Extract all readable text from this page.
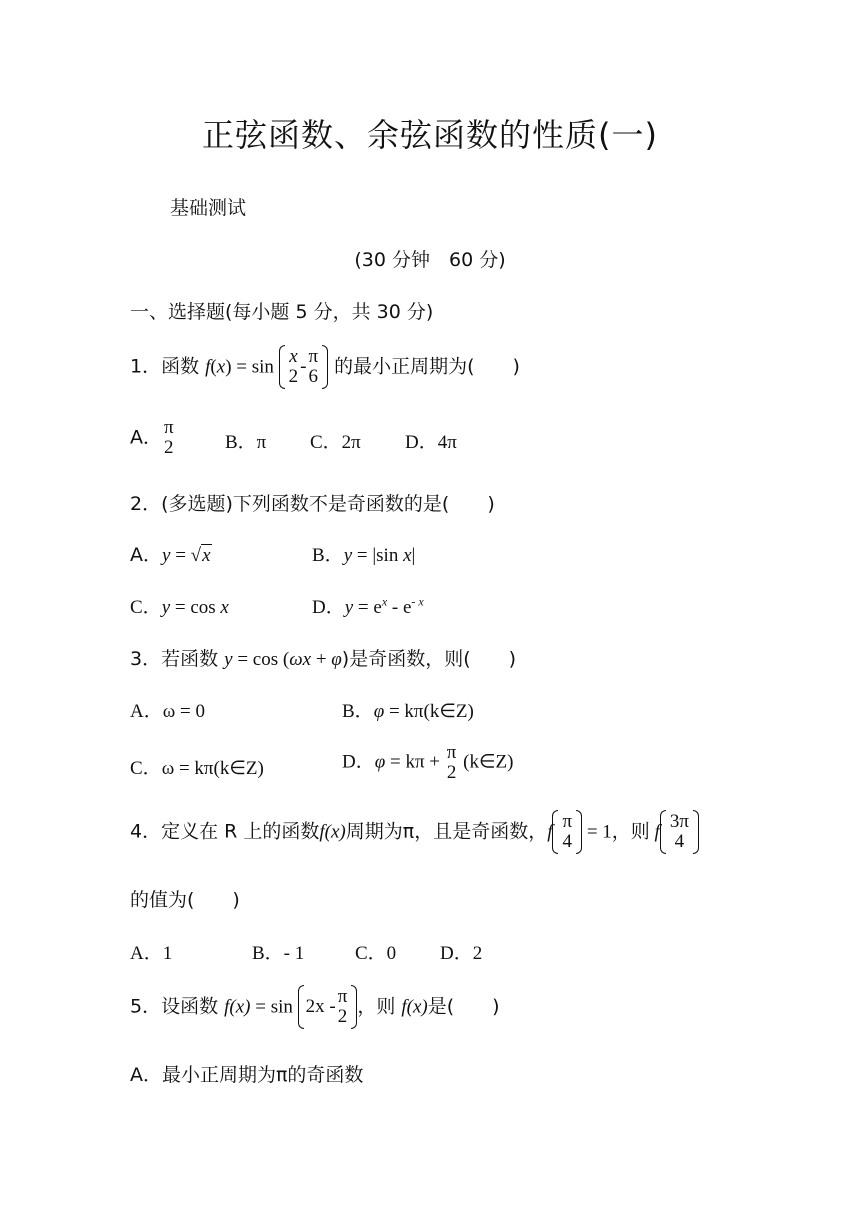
正弦函数、余弦函数的性质(一)
基础测试
(30 分钟　60 分)
一、选择题(每小题 5 分，共 30 分)
1．函数 f(x) = sin x
2 - π
6 的最小正周期为(　　)
A． π
2	B．π C．2π D．4π
2．(多选题)下列函数不是奇函数的是(　　)
A．y = √x	B．y = |sin x|
C．y = cos x	D．$y = e^x - e^{- x}$
3．若函数 y = cos (ωx + φ)是奇函数，则(　　)
A．ω = 0	B．φ = kπ(k∈Z)
C．ω = kπ(k∈Z)	D．φ = kπ + π
2
(k∈Z)
4．定义在 R 上的函数f(x)周期为π，且是奇函数，f π
4 = 1，则 f 3π
4
的值为(　　)
A．1	B．- 1	C．0 D．2
5．设函数 f(x) = sin 2x - π
2 ，则 f(x)是(　　)
A．最小正周期为π的奇函数
